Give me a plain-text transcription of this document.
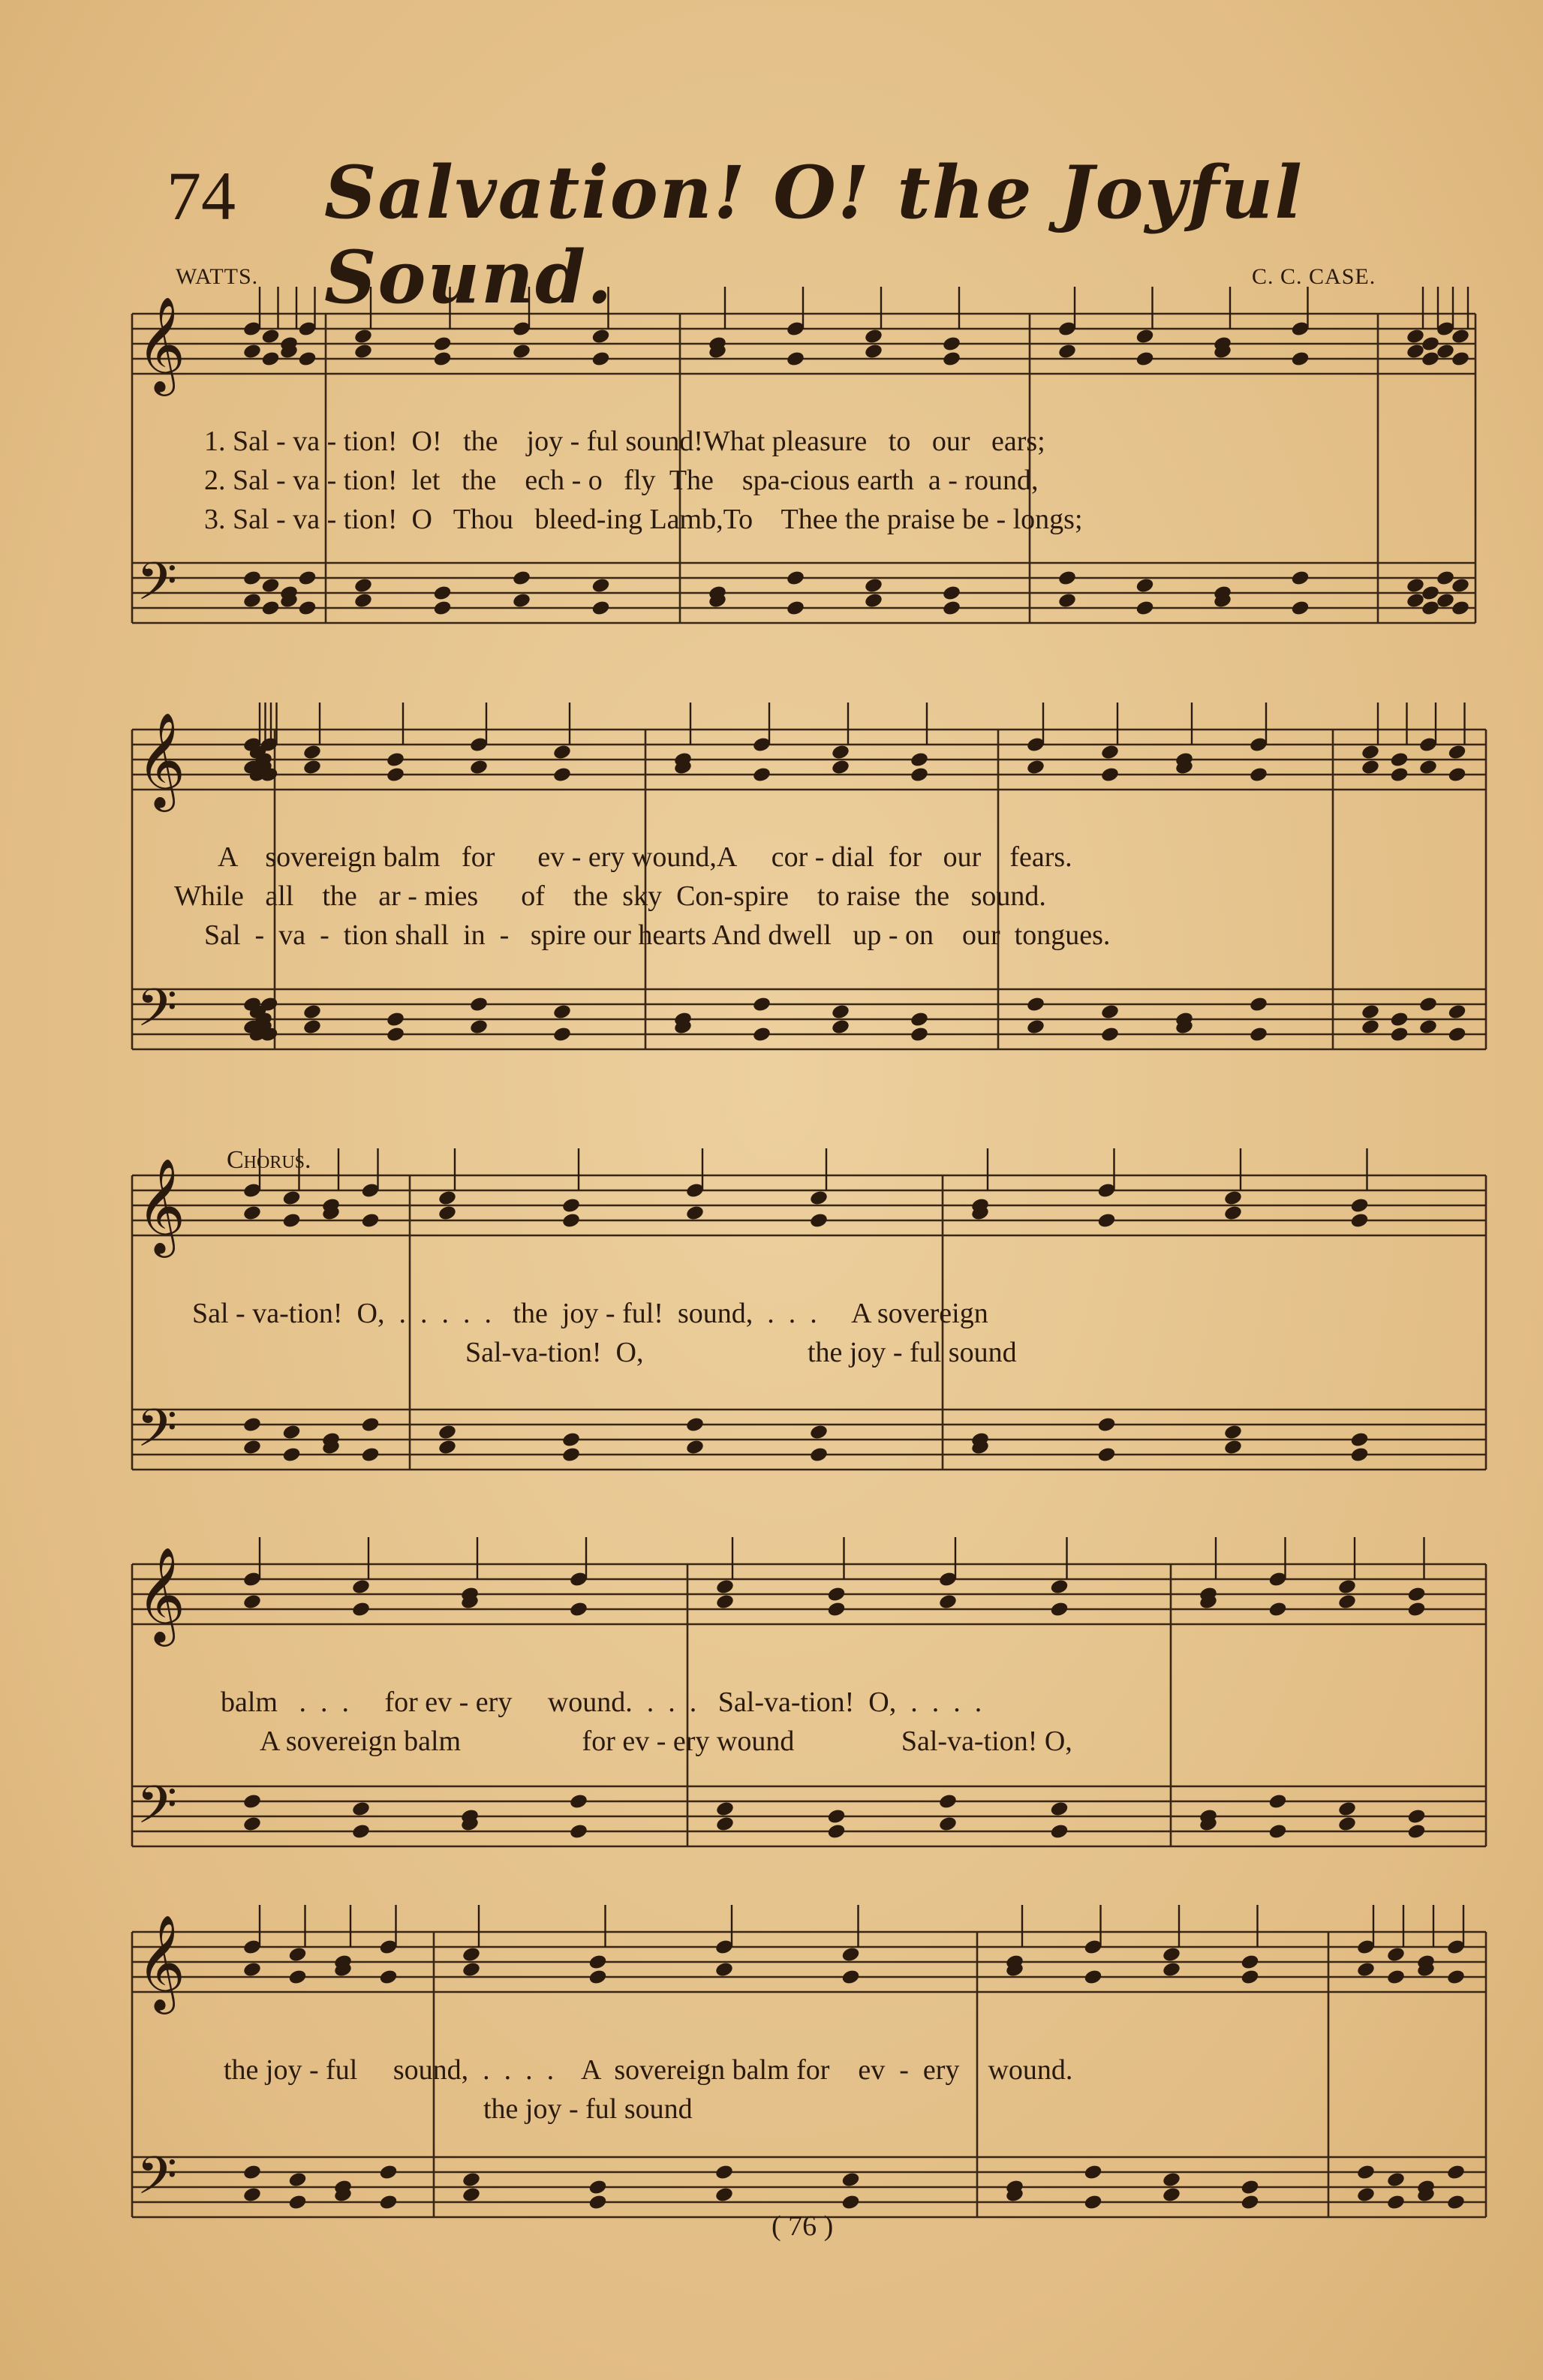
74 Salvation! O! the Joyful Sound.
WATTS.	C. C. CASE.
𝄞
𝄢
𝄞
𝄢
𝄞
𝄢
𝄞
𝄢
𝄞
𝄢
1. Sal - va - tion!  O!   the    joy - ful sound!What pleasure   to   our   ears;
2. Sal - va - tion!  let   the    ech - o   fly  The    spa-cious earth  a - round,
3. Sal - va - tion!  O   Thou   bleed-ing Lamb,To    Thee the praise be - longs;
A    sovereign balm   for      ev - ery wound,A     cor - dial  for   our    fears.
While   all    the   ar - mies      of    the  sky  Con-spire    to raise  the   sound.
Sal  -  va  -  tion shall  in  -   spire our hearts And dwell   up - on    our  tongues.
Chorus.
Sal - va-tion!  O,  .  .  .  .  .   the  joy - ful!  sound,  .  .  .     A sovereign
Sal-va-tion!  O,                       the joy - ful sound
balm   .  .  .     for ev - ery     wound.  .  .  .   Sal-va-tion!  O,  .  .  .  .
A sovereign balm                 for ev - ery wound               Sal-va-tion! O,
the joy - ful     sound,  .  .  .  .    A  sovereign balm for    ev  -  ery    wound.
the joy - ful sound
( 76 )
